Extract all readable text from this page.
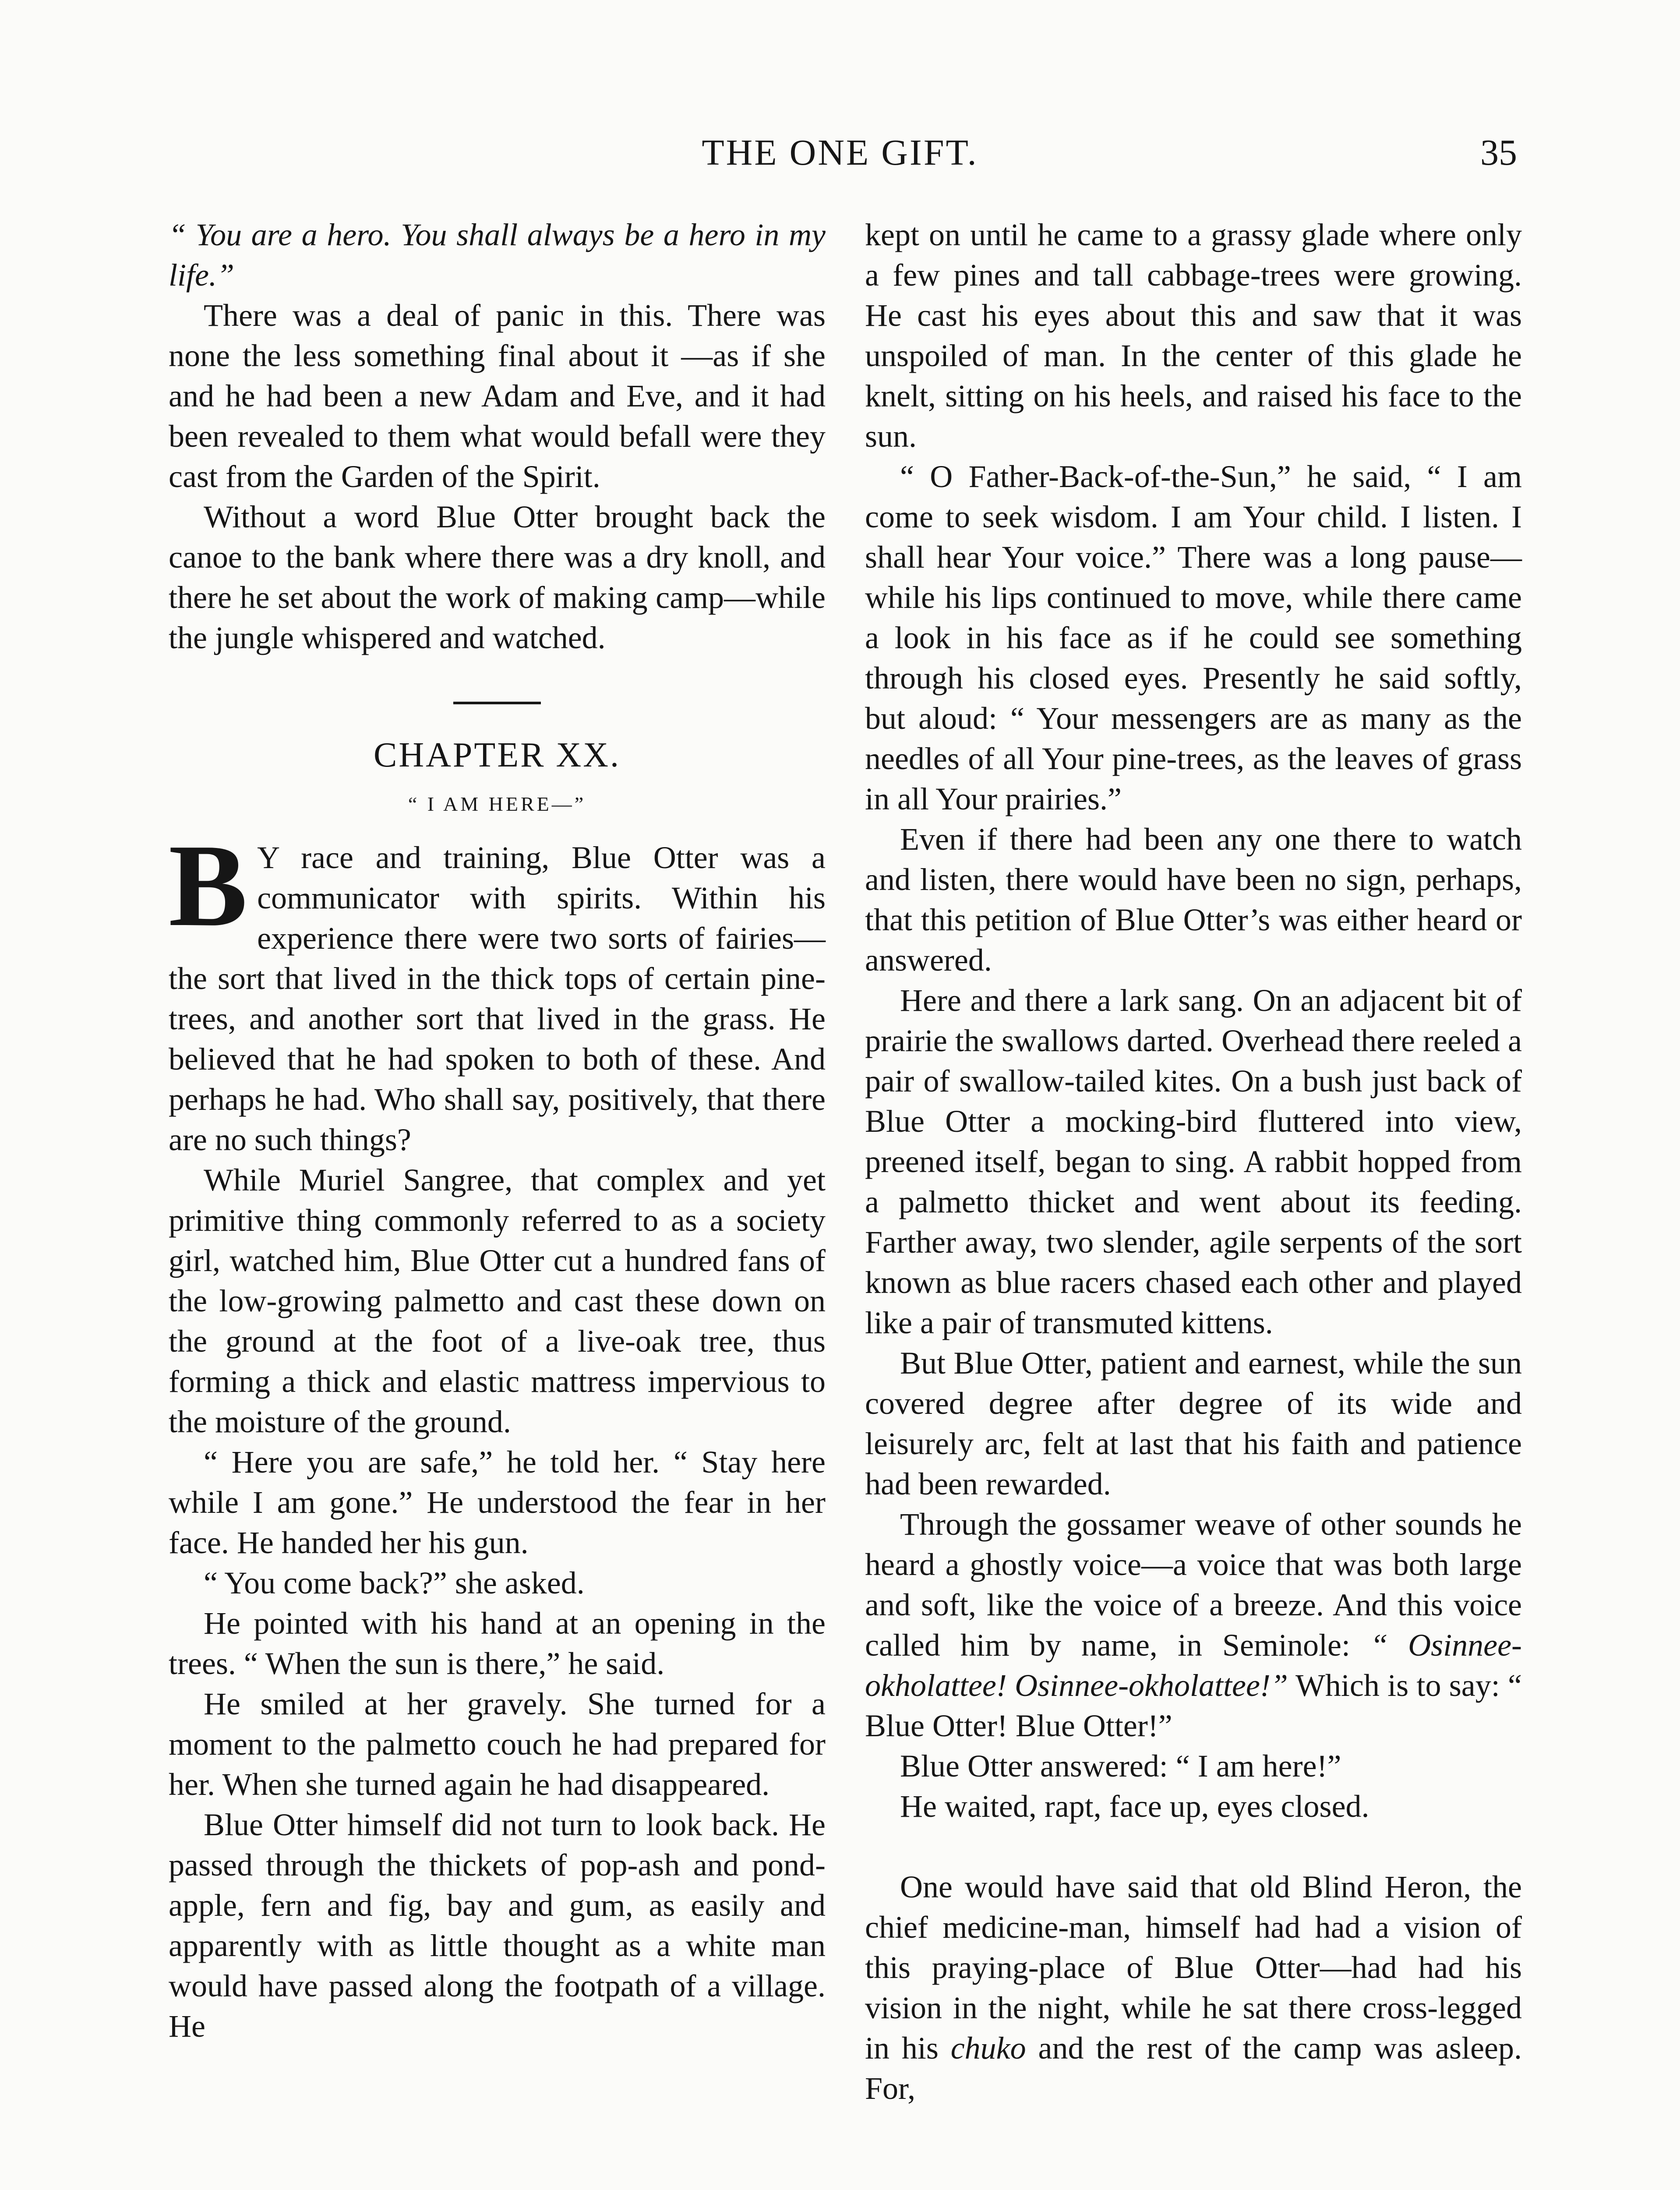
THE ONE GIFT.	35

“ You are a hero. You shall always be a hero in my life.”

There was a deal of panic in this. There was none the less something final about it —as if she and he had been a new Adam and Eve, and it had been revealed to them what would befall were they cast from the Garden of the Spirit.

Without a word Blue Otter brought back the canoe to the bank where there was a dry knoll, and there he set about the work of making camp—while the jungle whispered and watched.

CHAPTER XX.
“ I AM HERE—”

B Y race and training, Blue Otter was a communicator with spirits. Within his experience there were two sorts of fairies—the sort that lived in the thick tops of certain pine-trees, and another sort that lived in the grass. He believed that he had spoken to both of these. And perhaps he had. Who shall say, positively, that there are no such things?

While Muriel Sangree, that complex and yet primitive thing commonly referred to as a society girl, watched him, Blue Otter cut a hundred fans of the low-growing palmetto and cast these down on the ground at the foot of a live-oak tree, thus forming a thick and elastic mattress impervious to the moisture of the ground.

“ Here you are safe,” he told her. “ Stay here while I am gone.” He understood the fear in her face. He handed her his gun.

“ You come back?” she asked.

He pointed with his hand at an opening in the trees. “ When the sun is there,” he said.

He smiled at her gravely. She turned for a moment to the palmetto couch he had prepared for her. When she turned again he had disappeared.

Blue Otter himself did not turn to look back. He passed through the thickets of pop-ash and pond-apple, fern and fig, bay and gum, as easily and apparently with as little thought as a white man would have passed along the footpath of a village. He

kept on until he came to a grassy glade where only a few pines and tall cabbage-trees were growing. He cast his eyes about this and saw that it was unspoiled of man. In the center of this glade he knelt, sitting on his heels, and raised his face to the sun.

“ O Father-Back-of-the-Sun,” he said, “ I am come to seek wisdom. I am Your child. I listen. I shall hear Your voice.” There was a long pause—while his lips continued to move, while there came a look in his face as if he could see something through his closed eyes. Presently he said softly, but aloud: “ Your messengers are as many as the needles of all Your pine-trees, as the leaves of grass in all Your prairies.”

Even if there had been any one there to watch and listen, there would have been no sign, perhaps, that this petition of Blue Otter’s was either heard or answered.

Here and there a lark sang. On an adjacent bit of prairie the swallows darted. Overhead there reeled a pair of swallow-tailed kites. On a bush just back of Blue Otter a mocking-bird fluttered into view, preened itself, began to sing. A rabbit hopped from a palmetto thicket and went about its feeding. Farther away, two slender, agile serpents of the sort known as blue racers chased each other and played like a pair of transmuted kittens.

But Blue Otter, patient and earnest, while the sun covered degree after degree of its wide and leisurely arc, felt at last that his faith and patience had been rewarded.

Through the gossamer weave of other sounds he heard a ghostly voice—a voice that was both large and soft, like the voice of a breeze. And this voice called him by name, in Seminole: “ Osinnee-okholattee! Osinnee-okholattee!” Which is to say: “ Blue Otter! Blue Otter!”

Blue Otter answered: “ I am here!”

He waited, rapt, face up, eyes closed.

One would have said that old Blind Heron, the chief medicine-man, himself had had a vision of this praying-place of Blue Otter—had had his vision in the night, while he sat there cross-legged in his chuko and the rest of the camp was asleep. For,
